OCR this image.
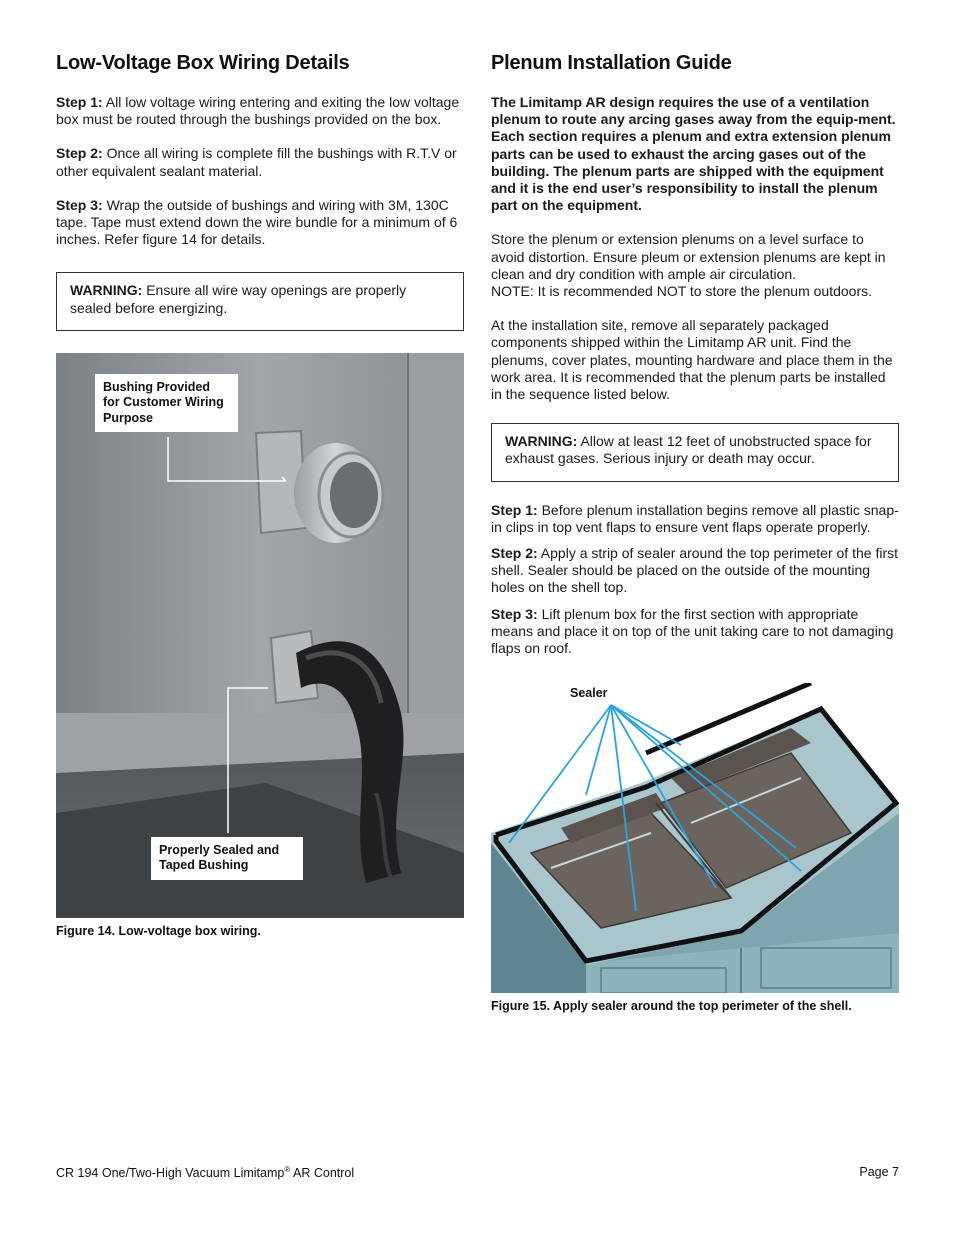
Low-Voltage Box Wiring Details

Step 1: All low voltage wiring entering and exiting the low voltage box must be routed through the bushings provided on the box.

Step 2: Once all wiring is complete fill the bushings with R.T.V or other equivalent sealant material.

Step 3: Wrap the outside of bushings and wiring with 3M, 130C tape. Tape must extend down the wire bundle for a minimum of 6 inches. Refer figure 14 for details.

WARNING: Ensure all wire way openings are properly sealed before energizing.
Bushing Provided for Customer Wiring Purpose
Properly Sealed and Taped Bushing
Figure 14. Low-voltage box wiring.
Plenum Installation Guide

The Limitamp AR design requires the use of a ventilation plenum to route any arcing gases away from the equip-ment. Each section requires a plenum and extra extension plenum parts can be used to exhaust the arcing gases out of the building. The plenum parts are shipped with the equipment and it is the end user’s responsibility to install the plenum part on the equipment.

Store the plenum or extension plenums on a level surface to avoid distortion. Ensure pleum or extension plenums are kept in clean and dry condition with ample air circulation.
NOTE: It is recommended NOT to store the plenum outdoors.

At the installation site, remove all separately packaged components shipped within the Limitamp AR unit. Find the plenums, cover plates, mounting hardware and place them in the work area. It is recommended that the plenum parts be installed in the sequence listed below.

WARNING: Allow at least 12 feet of unobstructed space for exhaust gases. Serious injury or death may occur.

Step 1: Before plenum installation begins remove all plastic snap-in clips in top vent flaps to ensure vent flaps operate properly.

Step 2: Apply a strip of sealer around the top perimeter of the first shell. Sealer should be placed on the outside of the mounting holes on the shell top.

Step 3: Lift plenum box for the first section with appropriate means and place it on top of the unit taking care to not damaging flaps on roof.

Sealer
Figure 15. Apply sealer around the top perimeter of the shell.
CR 194 One/Two-High Vacuum Limitamp® AR Control	Page 7
